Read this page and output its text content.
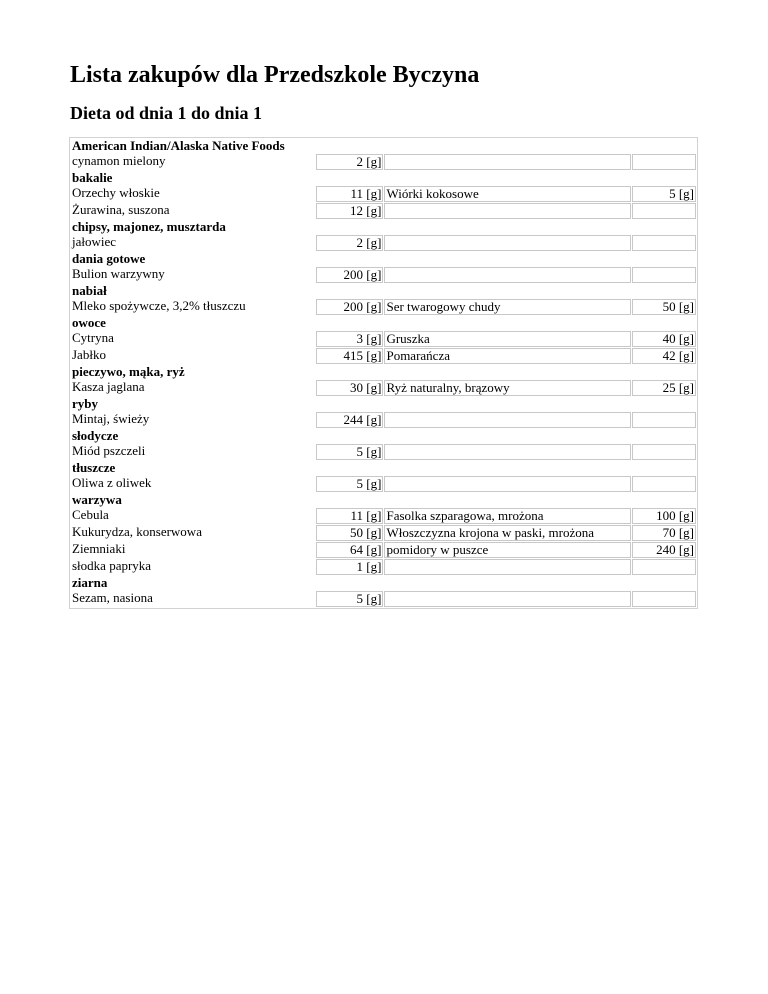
Lista zakupów dla Przedszkole Byczyna
Dieta od dnia 1 do dnia 1
American Indian/Alaska Native Foods			
cynamon mielony	2 [g]		
bakalie			
Orzechy włoskie	11 [g]	Wiórki kokosowe	5 [g]
Żurawina, suszona	12 [g]		
chipsy, majonez, musztarda			
jałowiec	2 [g]		
dania gotowe			
Bulion warzywny	200 [g]		
nabiał			
Mleko spożywcze, 3,2% tłuszczu	200 [g]	Ser twarogowy chudy	50 [g]
owoce			
Cytryna	3 [g]	Gruszka	40 [g]
Jabłko	415 [g]	Pomarańcza	42 [g]
pieczywo, mąka, ryż			
Kasza jaglana	30 [g]	Ryż naturalny, brązowy	25 [g]
ryby			
Mintaj, świeży	244 [g]		
słodycze			
Miód pszczeli	5 [g]		
tłuszcze			
Oliwa z oliwek	5 [g]		
warzywa			
Cebula	11 [g]	Fasolka szparagowa, mrożona	100 [g]
Kukurydza, konserwowa	50 [g]	Włoszczyzna krojona w paski, mrożona	70 [g]
Ziemniaki	64 [g]	pomidory w puszce	240 [g]
słodka papryka	1 [g]		
ziarna			
Sezam, nasiona	5 [g]		
